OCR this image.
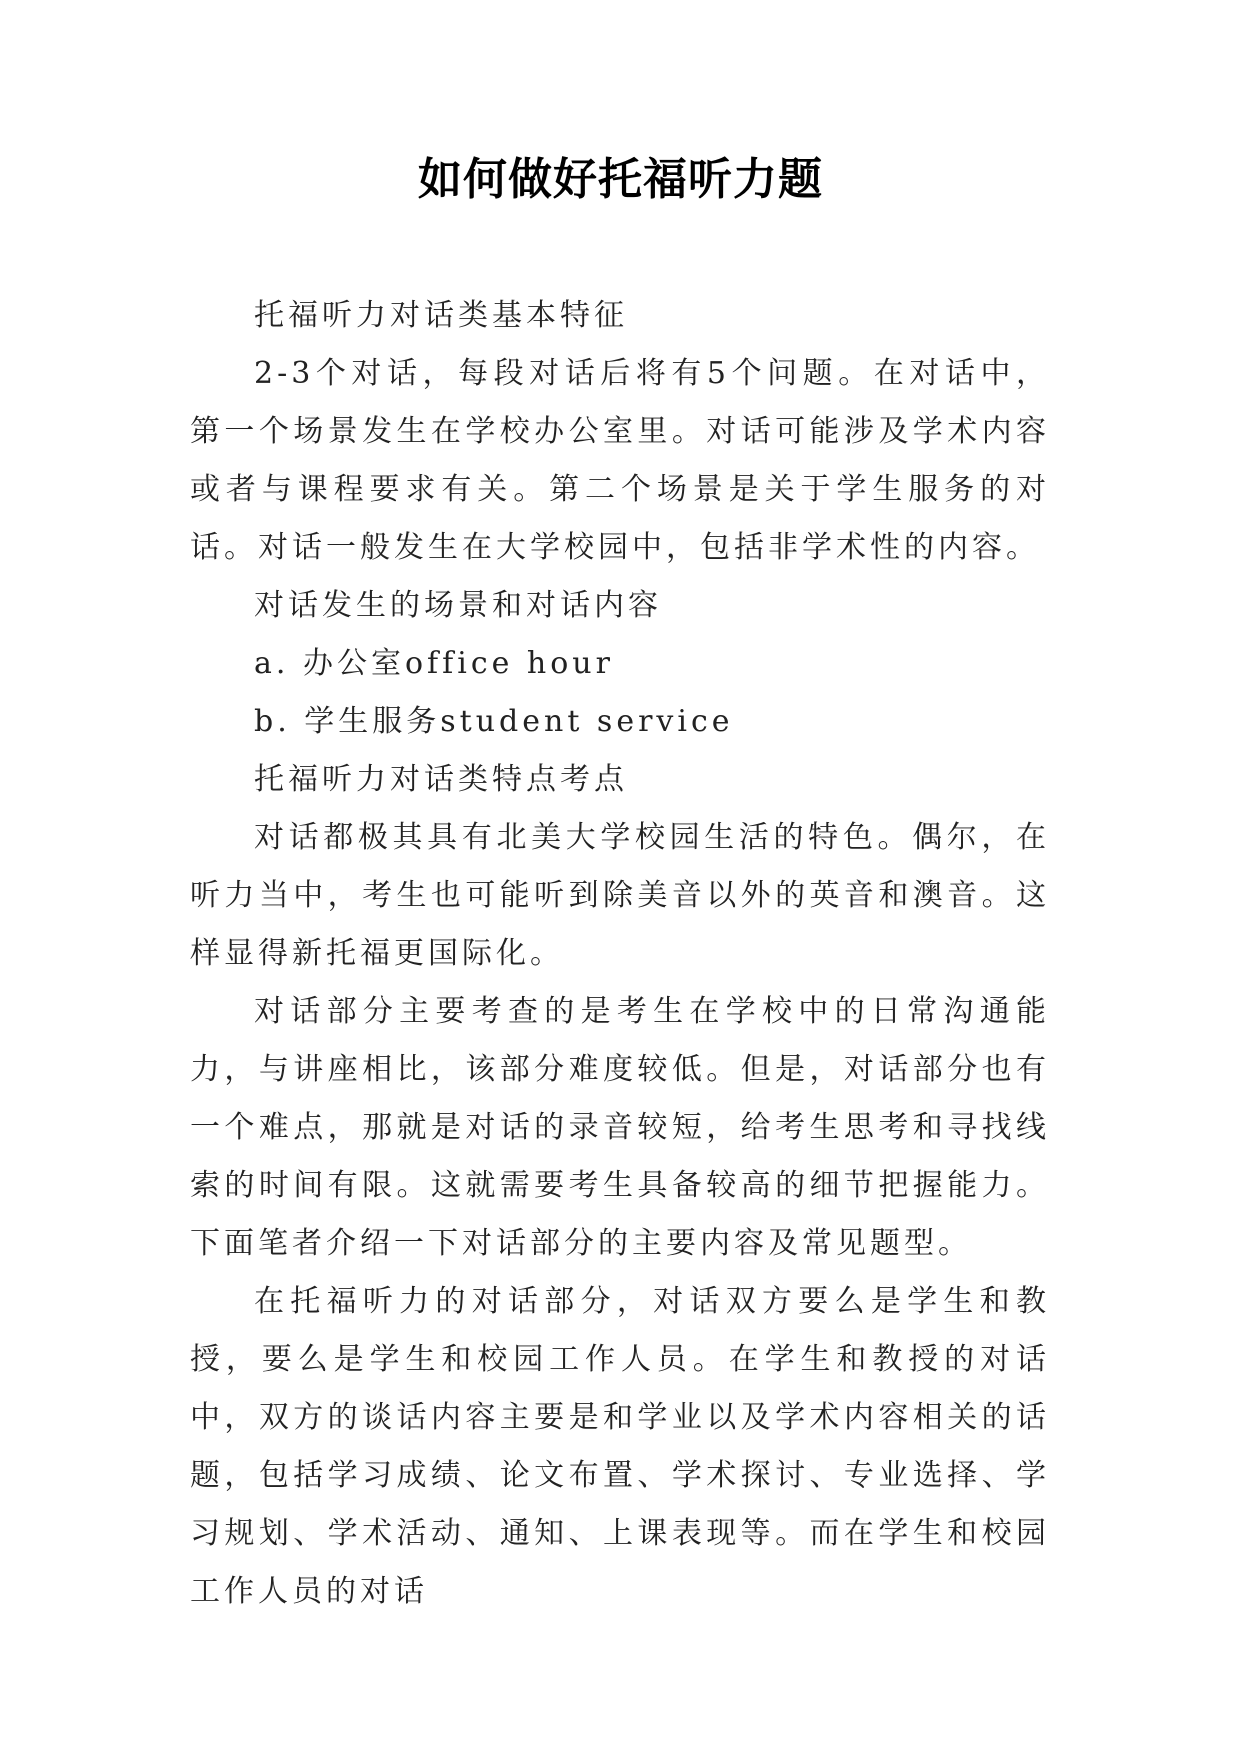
如何做好托福听力题

托福听力对话类基本特征

2-3个对话，每段对话后将有5个问题。在对话中，第一个场景发生在学校办公室里。对话可能涉及学术内容或者与课程要求有关。第二个场景是关于学生服务的对话。对话一般发生在大学校园中，包括非学术性的内容。

对话发生的场景和对话内容

a. 办公室office hour

b. 学生服务student service

托福听力对话类特点考点

对话都极其具有北美大学校园生活的特色。偶尔，在听力当中，考生也可能听到除美音以外的英音和澳音。这样显得新托福更国际化。

对话部分主要考查的是考生在学校中的日常沟通能力，与讲座相比，该部分难度较低。但是，对话部分也有一个难点，那就是对话的录音较短，给考生思考和寻找线索的时间有限。这就需要考生具备较高的细节把握能力。下面笔者介绍一下对话部分的主要内容及常见题型。

在托福听力的对话部分，对话双方要么是学生和教授，要么是学生和校园工作人员。在学生和教授的对话中，双方的谈话内容主要是和学业以及学术内容相关的话题，包括学习成绩、论文布置、学术探讨、专业选择、学习规划、学术活动、通知、上课表现等。而在学生和校园工作人员的对话
